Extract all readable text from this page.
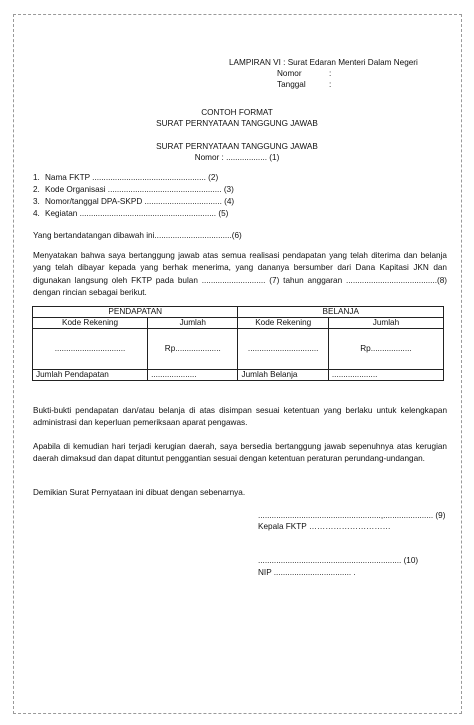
LAMPIRAN VI : Surat Edaran Menteri Dalam Negeri
Nomor	:
Tanggal	:
CONTOH FORMAT
SURAT PERNYATAAN TANGGUNG JAWAB
SURAT PERNYATAAN TANGGUNG JAWAB
Nomor : .................. (1)
1. Nama FKTP .................................................. (2)
2. Kode Organisasi .................................................. (3)
3. Nomor/tanggal DPA-SKPD .................................. (4)
4. Kegiatan ............................................................ (5)
Yang bertandatangan dibawah ini..................................(6)
Menyatakan bahwa saya bertanggung jawab atas semua realisasi pendapatan yang telah diterima dan belanja yang telah dibayar kepada yang berhak menerima, yang dananya bersumber dari Dana Kapitasi JKN dan digunakan langsung oleh FKTP pada bulan ............................ (7) tahun anggaran ........................................(8) dengan rincian sebagai berikut.
PENDAPATAN		BELANJA	
Kode Rekening	Jumlah	Kode Rekening	Jumlah
...............................	Rp....................	...............................	Rp..................
Jumlah Pendapatan	....................	Jumlah Belanja	....................
Bukti-bukti pendapatan dan/atau belanja di atas disimpan sesuai ketentuan yang berlaku untuk kelengkapan administrasi dan keperluan pemeriksaan aparat pengawas.
Apabila di kemudian hari terjadi kerugian daerah, saya bersedia bertanggung jawab sepenuhnya atas kerugian daerah dimaksud dan dapat dituntut penggantian sesuai dengan ketentuan peraturan perundang-undangan.
Demikian Surat Pernyataan ini dibuat dengan sebenarnya.
......................................................,...................... (9)
Kepala FKTP …………………………
............................................................... (10)
NIP .................................. .
